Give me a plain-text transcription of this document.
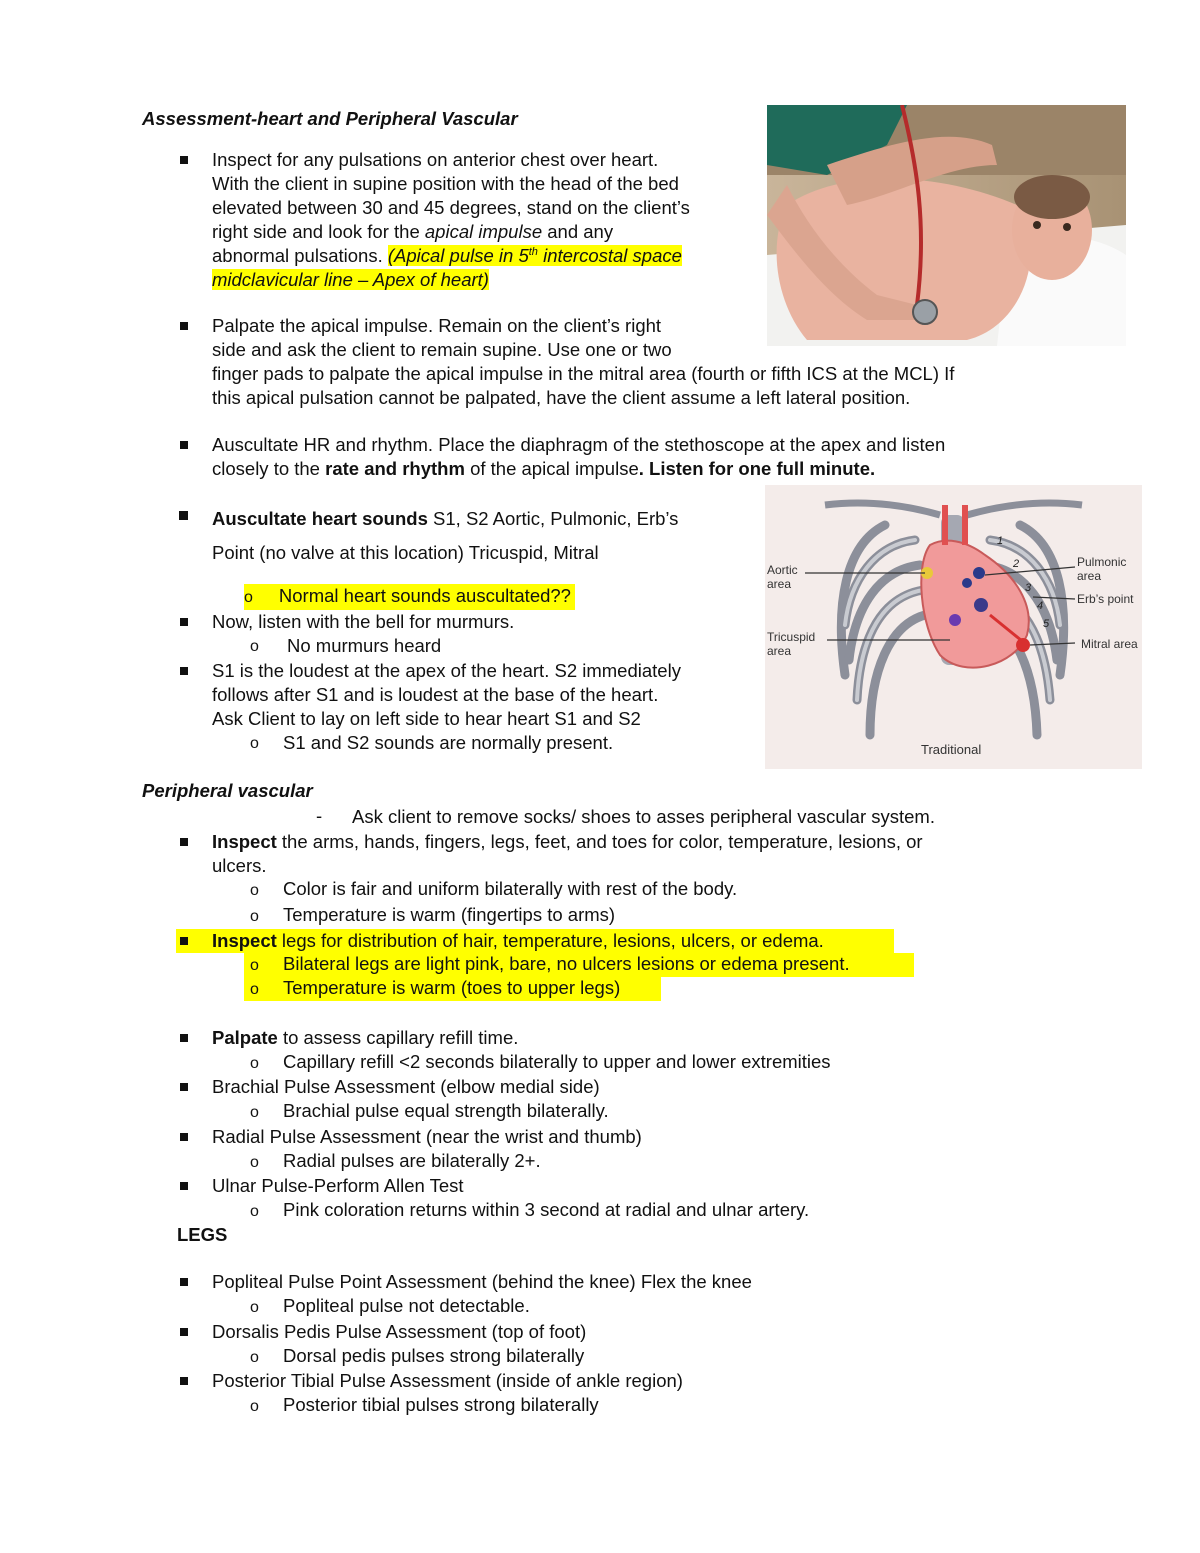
Assessment-heart and Peripheral Vascular
Inspect for any pulsations on anterior chest over heart.
With the client in supine position with the head of the bed
elevated between 30 and 45 degrees, stand on the client’s
right side and look for the apical impulse and any
abnormal pulsations. (Apical pulse in 5th intercostal space
midclavicular line – Apex of heart)
Palpate the apical impulse. Remain on the client’s right
side and ask the client to remain supine. Use one or two
finger pads to palpate the apical impulse in the mitral area (fourth or fifth ICS at the MCL) If
this apical pulsation cannot be palpated, have the client assume a left lateral position.
Auscultate HR and rhythm. Place the diaphragm of the stethoscope at the apex and listen
closely to the rate and rhythm of the apical impulse. Listen for one full minute.
Auscultate heart sounds S1, S2 Aortic, Pulmonic, Erb’s
Point (no valve at this location) Tricuspid, Mitral
o Normal heart sounds auscultated??
Now, listen with the bell for murmurs.
o No murmurs heard
S1 is the loudest at the apex of the heart. S2 immediately
follows after S1 and is loudest at the base of the heart.
Ask Client to lay on left side to hear heart S1 and S2
o S1 and S2 sounds are normally present.
Aortic
area
Tricuspid
area
Pulmonic
area
Erb’s point
Mitral area
Traditional
1
2
3
4
5
Peripheral vascular
- Ask client to remove socks/ shoes to asses peripheral vascular system.
Inspect the arms, hands, fingers, legs, feet, and toes for color, temperature, lesions, or
ulcers.
o Color is fair and uniform bilaterally with rest of the body.
o Temperature is warm (fingertips to arms)
Inspect legs for distribution of hair, temperature, lesions, ulcers, or edema.
o Bilateral legs are light pink, bare, no ulcers lesions or edema present.
o Temperature is warm (toes to upper legs)
Palpate to assess capillary refill time.
o Capillary refill <2 seconds bilaterally to upper and lower extremities
Brachial Pulse Assessment (elbow medial side)
o Brachial pulse equal strength bilaterally.
Radial Pulse Assessment (near the wrist and thumb)
o Radial pulses are bilaterally 2+.
Ulnar Pulse-Perform Allen Test
o Pink coloration returns within 3 second at radial and ulnar artery.
LEGS
Popliteal Pulse Point Assessment (behind the knee) Flex the knee
o Popliteal pulse not detectable.
Dorsalis Pedis Pulse Assessment (top of foot)
o Dorsal pedis pulses strong bilaterally
Posterior Tibial Pulse Assessment (inside of ankle region)
o Posterior tibial pulses strong bilaterally
